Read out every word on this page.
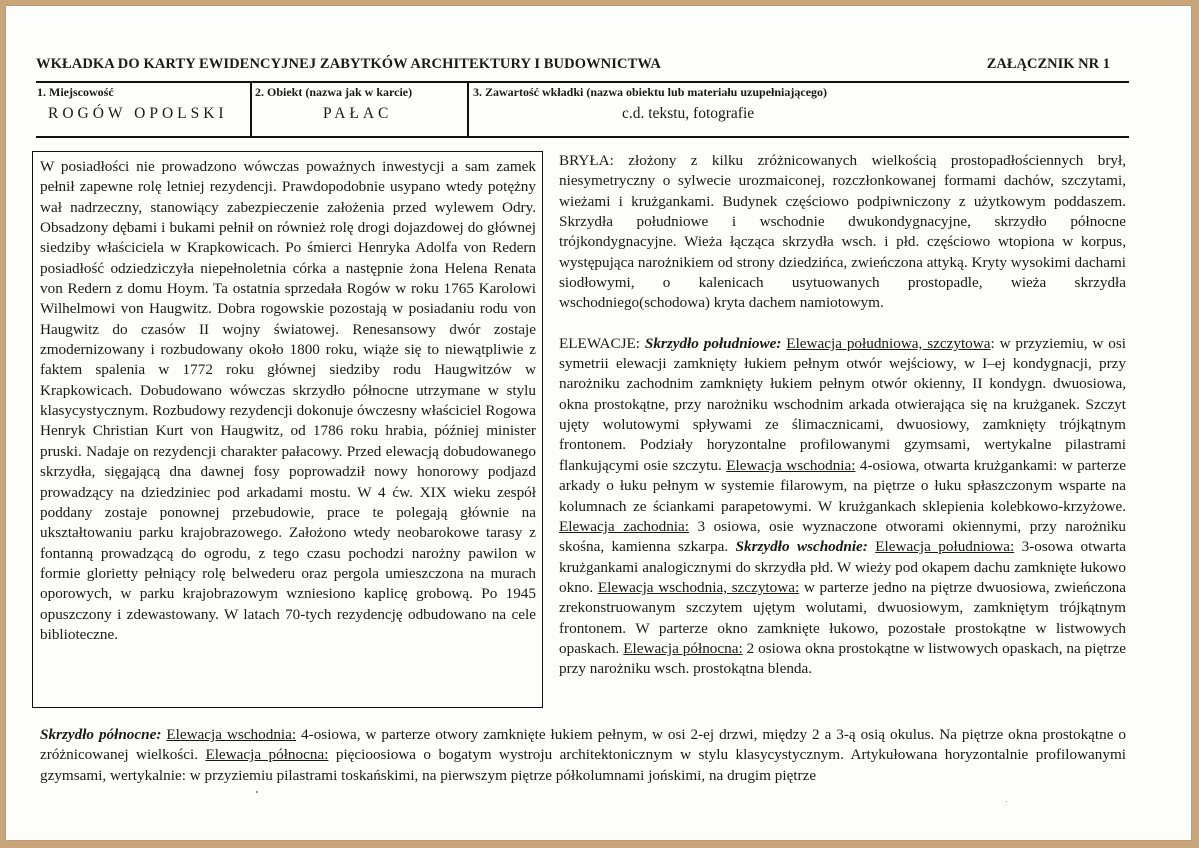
WKŁADKA DO KARTY EWIDENCYJNEJ ZABYTKÓW ARCHITEKTURY I BUDOWNICTWA	ZAŁĄCZNIK NR 1
1. Miejscowość
ROGÓW OPOLSKI
2. Obiekt (nazwa jak w karcie)
PAŁAC
3. Zawartość wkładki (nazwa obiektu lub materiału uzupełniającego)
c.d. tekstu, fotografie
W posiadłości nie prowadzono wówczas poważnych inwestycji a sam zamek pełnił zapewne rolę letniej rezydencji. Prawdopodobnie usypano wtedy potężny wał nadrzeczny, stanowiący zabezpieczenie założenia przed wylewem Odry. Obsadzony dębami i bukami pełnił on również rolę drogi dojazdowej do głównej siedziby właściciela w Krapkowicach. Po śmierci Henryka Adolfa von Redern posiadłość odziedziczyła niepełnoletnia córka a następnie żona Helena Renata von Redern z domu Hoym. Ta ostatnia sprzedała Rogów w roku 1765 Karolowi Wilhelmowi von Haugwitz. Dobra rogowskie pozostają w posiadaniu rodu von Haugwitz do czasów II wojny światowej. Renesansowy dwór zostaje zmodernizowany i rozbudowany około 1800 roku, wiąże się to niewątpliwie z faktem spalenia w 1772 roku głównej siedziby rodu Haugwitzów w Krapkowicach. Dobudowano wówczas skrzydło północne utrzymane w stylu klasycystycznym. Rozbudowy rezydencji dokonuje ówczesny właściciel Rogowa Henryk Christian Kurt von Haugwitz, od 1786 roku hrabia, później minister pruski. Nadaje on rezydencji charakter pałacowy. Przed elewacją dobudowanego skrzydła, sięgającą dna dawnej fosy poprowadził nowy honorowy podjazd prowadzący na dziedziniec pod arkadami mostu. W 4 ćw. XIX wieku zespół poddany zostaje ponownej przebudowie, prace te polegają głównie na ukształtowaniu parku krajobrazowego. Założono wtedy neobarokowe tarasy z fontanną prowadzącą do ogrodu, z tego czasu pochodzi narożny pawilon w formie glorietty pełniący rolę belwederu oraz pergola umieszczona na murach oporowych, w parku krajobrazowym wzniesiono kaplicę grobową. Po 1945 opuszczony i zdewastowany. W latach 70-tych rezydencję odbudowano na cele biblioteczne.

BRYŁA: złożony z kilku zróżnicowanych wielkością prostopadłościennych brył, niesymetryczny o sylwecie urozmaiconej, rozczłonkowanej formami dachów, szczytami, wieżami i krużgankami. Budynek częściowo podpiwniczony z użytkowym poddaszem. Skrzydła południowe i wschodnie dwukondygnacyjne, skrzydło północne trójkondygnacyjne. Wieża łącząca skrzydła wsch. i płd. częściowo wtopiona w korpus, występująca narożnikiem od strony dziedzińca, zwieńczona attyką. Kryty wysokimi dachami siodłowymi, o kalenicach usytuowanych prostopadle, wieża skrzydła wschodniego(schodowa) kryta dachem namiotowym.

ELEWACJE: Skrzydło południowe: Elewacja południowa, szczytowa: w przyziemiu, w osi symetrii elewacji zamknięty łukiem pełnym otwór wejściowy, w I–ej kondygnacji, przy narożniku zachodnim zamknięty łukiem pełnym otwór okienny, II kondygn. dwuosiowa, okna prostokątne, przy narożniku wschodnim arkada otwierająca się na krużganek. Szczyt ujęty wolutowymi spływami ze ślimacznicami, dwuosiowy, zamknięty trójkątnym frontonem. Podziały horyzontalne profilowanymi gzymsami, wertykalne pilastrami flankującymi osie szczytu. Elewacja wschodnia: 4-osiowa, otwarta krużgankami: w parterze arkady o łuku pełnym w systemie filarowym, na piętrze o łuku spłaszczonym wsparte na kolumnach ze ściankami parapetowymi. W krużgankach sklepienia kolebkowo-krzyżowe. Elewacja zachodnia: 3 osiowa, osie wyznaczone otworami okiennymi, przy narożniku skośna, kamienna szkarpa. Skrzydło wschodnie: Elewacja południowa: 3-osowa otwarta krużgankami analogicznymi do skrzydła płd. W wieży pod okapem dachu zamknięte łukowo okno. Elewacja wschodnia, szczytowa: w parterze jedno na piętrze dwuosiowa, zwieńczona zrekonstruowanym szczytem ujętym wolutami, dwuosiowym, zamkniętym trójkątnym frontonem. W parterze okno zamknięte łukowo, pozostałe prostokątne w listwowych opaskach. Elewacja północna: 2 osiowa okna prostokątne w listwowych opaskach, na piętrze przy narożniku wsch. prostokątna blenda.

Skrzydło północne: Elewacja wschodnia: 4-osiowa, w parterze otwory zamknięte łukiem pełnym, w osi 2-ej drzwi, między 2 a 3-ą osią okulus. Na piętrze okna prostokątne o zróżnicowanej wielkości. Elewacja północna: pięcioosiowa o bogatym wystroju architektonicznym w stylu klasycystycznym. Artykułowana horyzontalnie profilowanymi gzymsami, wertykalnie: w przyziemiu pilastrami toskańskimi, na pierwszym piętrze półkolumnami jońskimi, na drugim piętrze
